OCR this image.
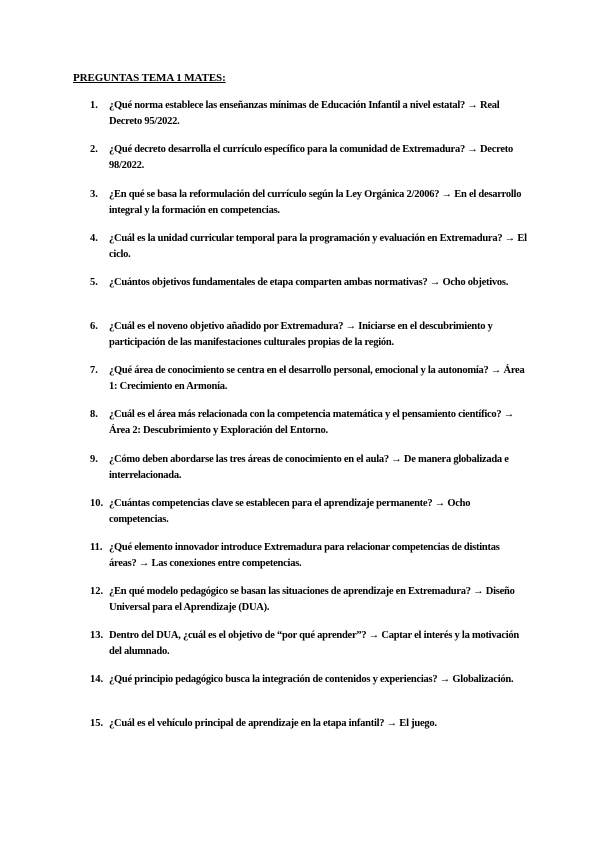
PREGUNTAS TEMA 1 MATES:
1. ¿Qué norma establece las enseñanzas mínimas de Educación Infantil a nivel estatal? → Real Decreto 95/2022.
2. ¿Qué decreto desarrolla el currículo específico para la comunidad de Extremadura? → Decreto 98/2022.
3. ¿En qué se basa la reformulación del currículo según la Ley Orgánica 2/2006? → En el desarrollo integral y la formación en competencias.
4. ¿Cuál es la unidad curricular temporal para la programación y evaluación en Extremadura? → El ciclo.
5. ¿Cuántos objetivos fundamentales de etapa comparten ambas normativas? → Ocho objetivos.
6. ¿Cuál es el noveno objetivo añadido por Extremadura? → Iniciarse en el descubrimiento y participación de las manifestaciones culturales propias de la región.
7. ¿Qué área de conocimiento se centra en el desarrollo personal, emocional y la autonomía? → Área 1: Crecimiento en Armonía.
8. ¿Cuál es el área más relacionada con la competencia matemática y el pensamiento científico? → Área 2: Descubrimiento y Exploración del Entorno.
9. ¿Cómo deben abordarse las tres áreas de conocimiento en el aula? → De manera globalizada e interrelacionada.
10. ¿Cuántas competencias clave se establecen para el aprendizaje permanente? → Ocho competencias.
11. ¿Qué elemento innovador introduce Extremadura para relacionar competencias de distintas áreas? → Las conexiones entre competencias.
12. ¿En qué modelo pedagógico se basan las situaciones de aprendizaje en Extremadura? → Diseño Universal para el Aprendizaje (DUA).
13. Dentro del DUA, ¿cuál es el objetivo de “por qué aprender”? → Captar el interés y la motivación del alumnado.
14. ¿Qué principio pedagógico busca la integración de contenidos y experiencias? → Globalización.
15. ¿Cuál es el vehículo principal de aprendizaje en la etapa infantil? → El juego.
